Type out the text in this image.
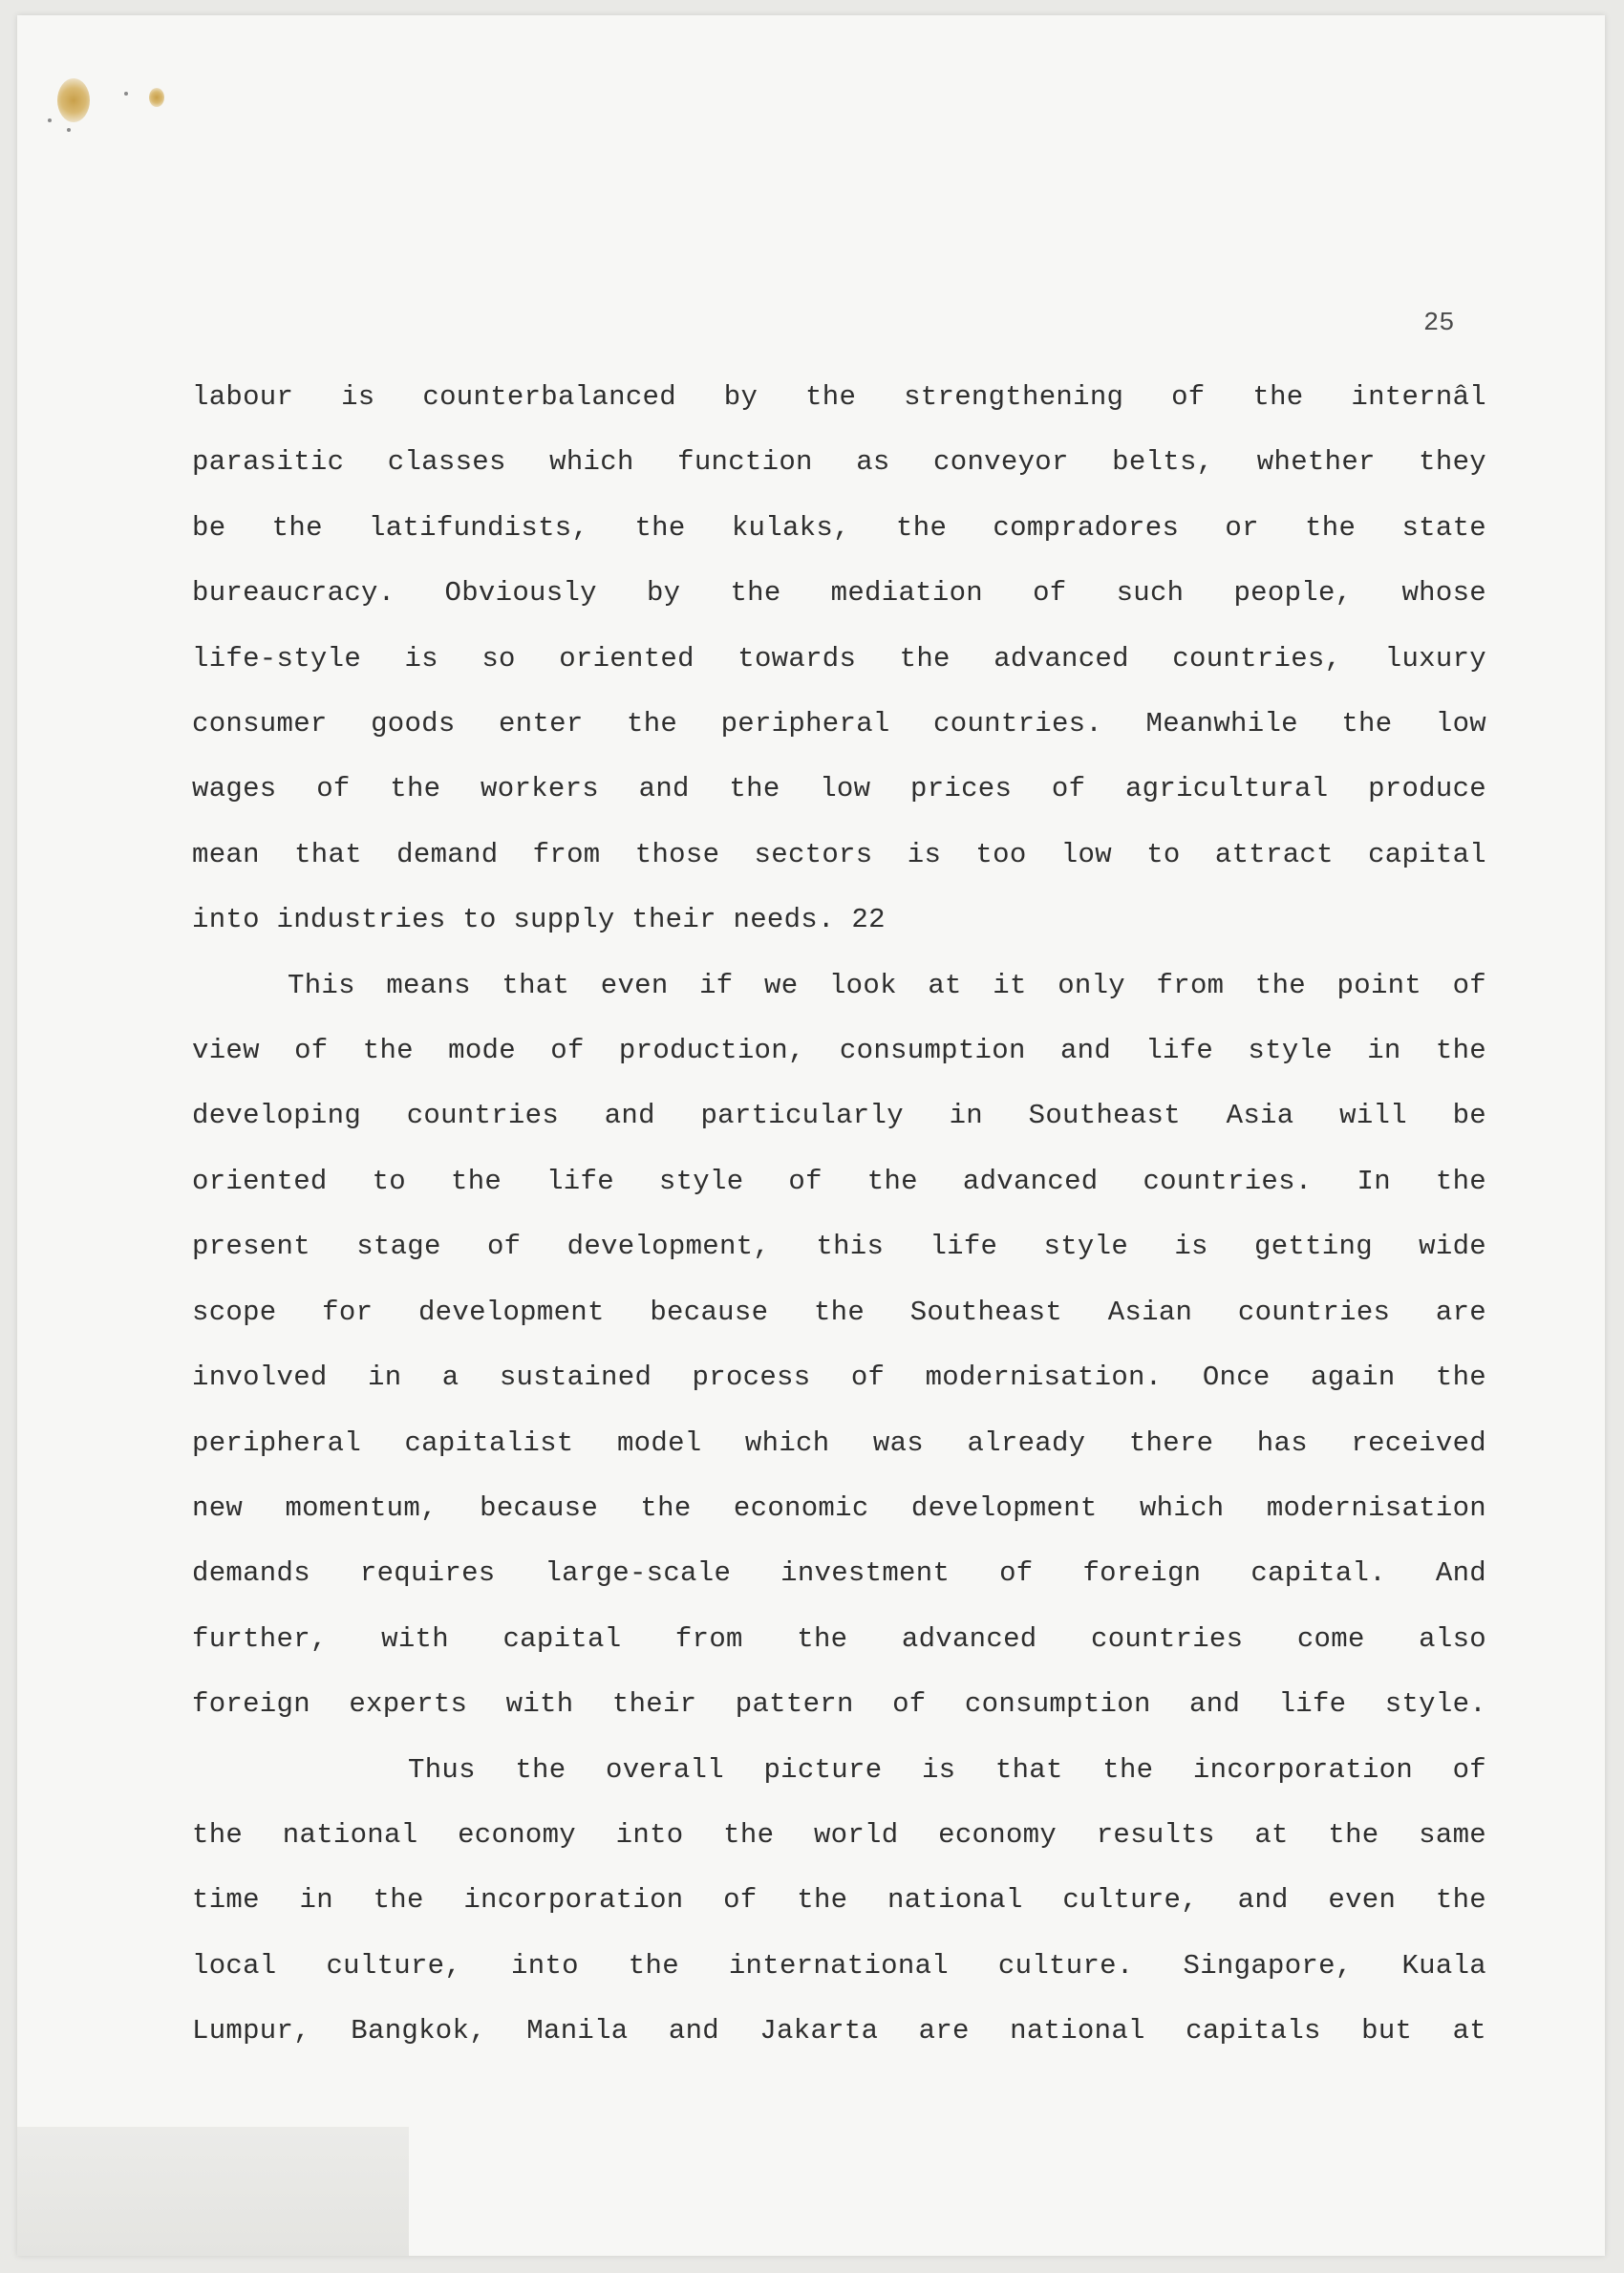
25

labour is counterbalanced by the strengthening of the internâl
parasitic classes which function as conveyor belts, whether they
be the latifundists, the kulaks, the compradores or the state
bureaucracy. Obviously by the mediation of such people, whose
life-style is so oriented towards the advanced countries, luxury
consumer goods enter the peripheral countries. Meanwhile the low
wages of the workers and the low prices of agricultural produce
mean that demand from those sectors is too low to attract capital
into industries to supply their needs. 22

This means that even if we look at it only from the point of
view of the mode of production, consumption and life style in the
developing countries and particularly in Southeast Asia will be
oriented to the life style of the advanced countries. In the
present stage of development, this life style is getting wide
scope for development because the Southeast Asian countries are
involved in a sustained process of modernisation. Once again the
peripheral capitalist model which was already there has received
new momentum, because the economic development which modernisation
demands requires large-scale investment of foreign capital. And
further, with capital from the advanced countries come also
foreign experts with their pattern of consumption and life style.

Thus the overall picture is that the incorporation of
the national economy into the world economy results at the same
time in the incorporation of the national culture, and even the
local culture, into the international culture. Singapore, Kuala
Lumpur, Bangkok, Manila and Jakarta are national capitals but at
